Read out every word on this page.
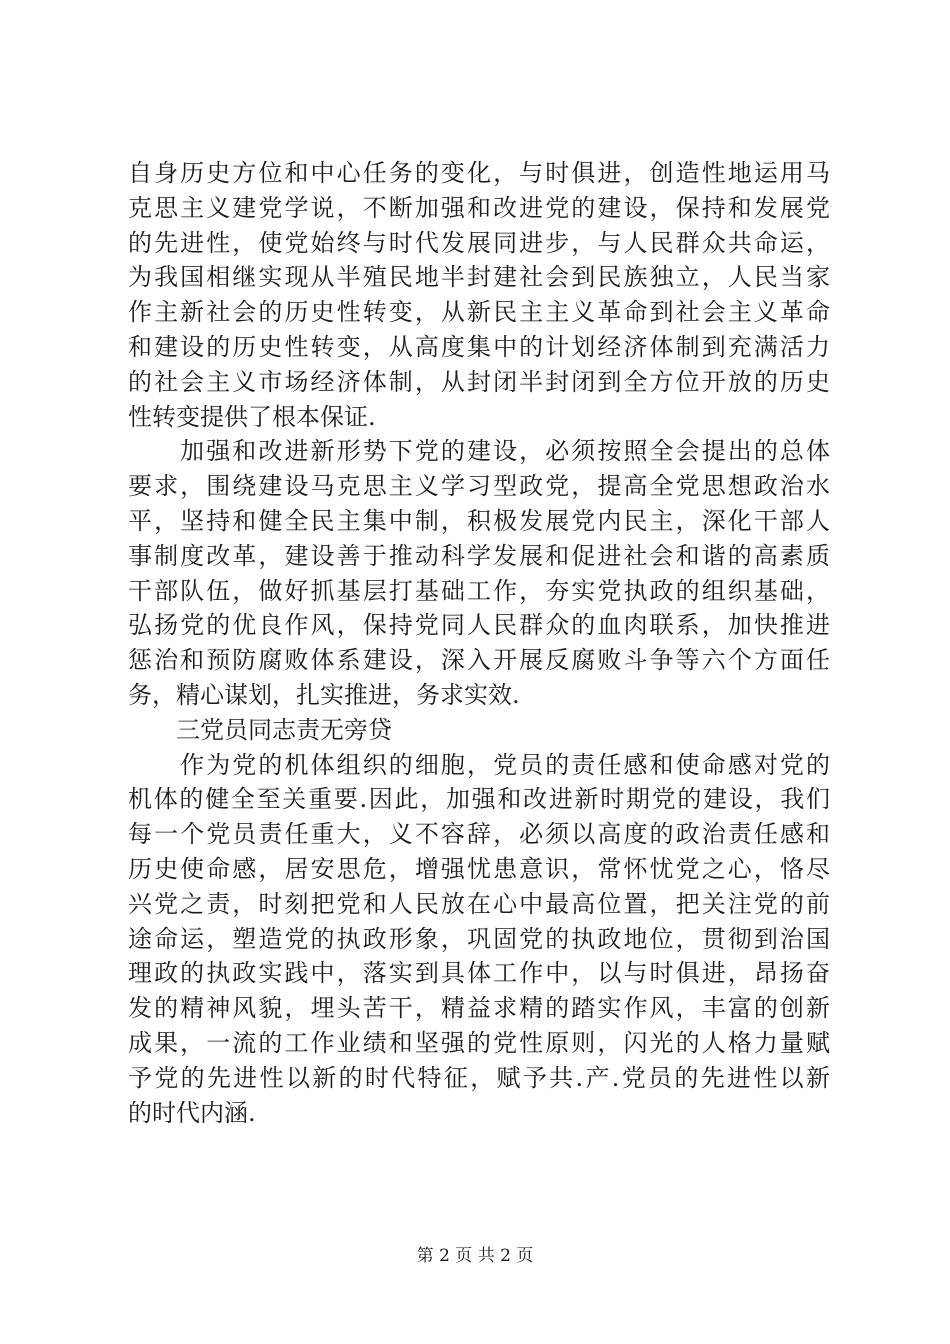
自身历史方位和中心任务的变化，与时俱进，创造性地运用马
克思主义建党学说，不断加强和改进党的建设，保持和发展党
的先进性，使党始终与时代发展同进步，与人民群众共命运，
为我国相继实现从半殖民地半封建社会到民族独立，人民当家
作主新社会的历史性转变，从新民主主义革命到社会主义革命
和建设的历史性转变，从高度集中的计划经济体制到充满活力
的社会主义市场经济体制，从封闭半封闭到全方位开放的历史
性转变提供了根本保证.
　　加强和改进新形势下党的建设，必须按照全会提出的总体
要求，围绕建设马克思主义学习型政党，提高全党思想政治水
平，坚持和健全民主集中制，积极发展党内民主，深化干部人
事制度改革，建设善于推动科学发展和促进社会和谐的高素质
干部队伍，做好抓基层打基础工作，夯实党执政的组织基础，
弘扬党的优良作风，保持党同人民群众的血肉联系，加快推进
惩治和预防腐败体系建设，深入开展反腐败斗争等六个方面任
务，精心谋划，扎实推进，务求实效.
　　三党员同志责无旁贷
　　作为党的机体组织的细胞，党员的责任感和使命感对党的
机体的健全至关重要.因此，加强和改进新时期党的建设，我们
每一个党员责任重大，义不容辞，必须以高度的政治责任感和
历史使命感，居安思危，增强忧患意识，常怀忧党之心，恪尽
兴党之责，时刻把党和人民放在心中最高位置，把关注党的前
途命运，塑造党的执政形象，巩固党的执政地位，贯彻到治国
理政的执政实践中，落实到具体工作中，以与时俱进，昂扬奋
发的精神风貌，埋头苦干，精益求精的踏实作风，丰富的创新
成果，一流的工作业绩和坚强的党性原则，闪光的人格力量赋
予党的先进性以新的时代特征，赋予共.产.党员的先进性以新
的时代内涵.
第 2 页 共 2 页
